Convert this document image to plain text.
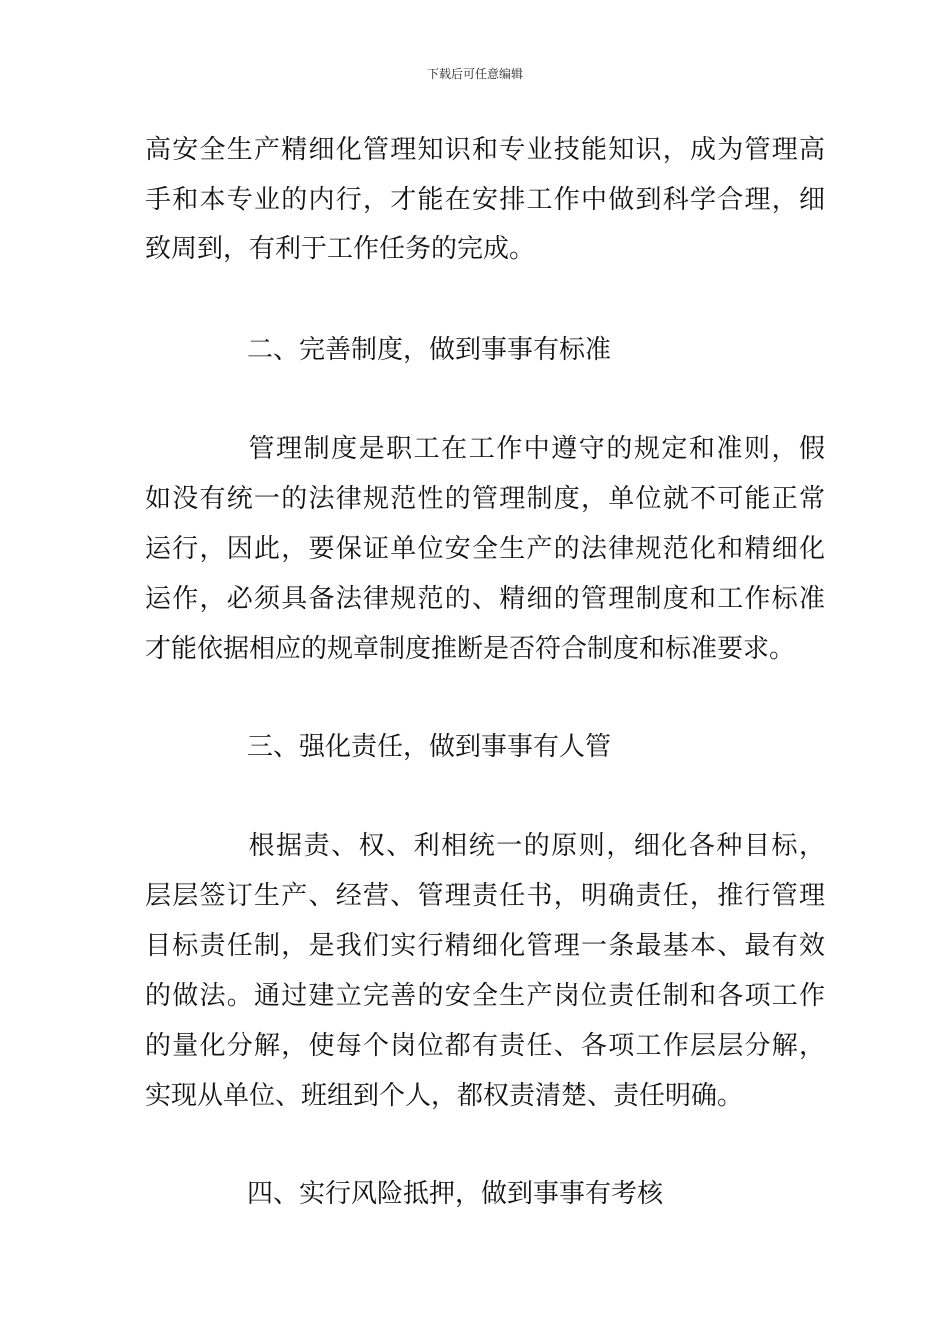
下载后可任意编辑
高安全生产精细化管理知识和专业技能知识，成为管理高
手和本专业的内行，才能在安排工作中做到科学合理，细
致周到，有利于工作任务的完成。
二、完善制度，做到事事有标准
　管理制度是职工在工作中遵守的规定和准则，假
如没有统一的法律规范性的管理制度，单位就不可能正常
运行，因此，要保证单位安全生产的法律规范化和精细化
运作，必须具备法律规范的、精细的管理制度和工作标准
才能依据相应的规章制度推断是否符合制度和标准要求。
三、强化责任，做到事事有人管
　根据责、权、利相统一的原则，细化各种目标，
层层签订生产、经营、管理责任书，明确责任，推行管理
目标责任制，是我们实行精细化管理一条最基本、最有效
的做法。通过建立完善的安全生产岗位责任制和各项工作
的量化分解，使每个岗位都有责任、各项工作层层分解，
实现从单位、班组到个人，都权责清楚、责任明确。
四、实行风险抵押，做到事事有考核
